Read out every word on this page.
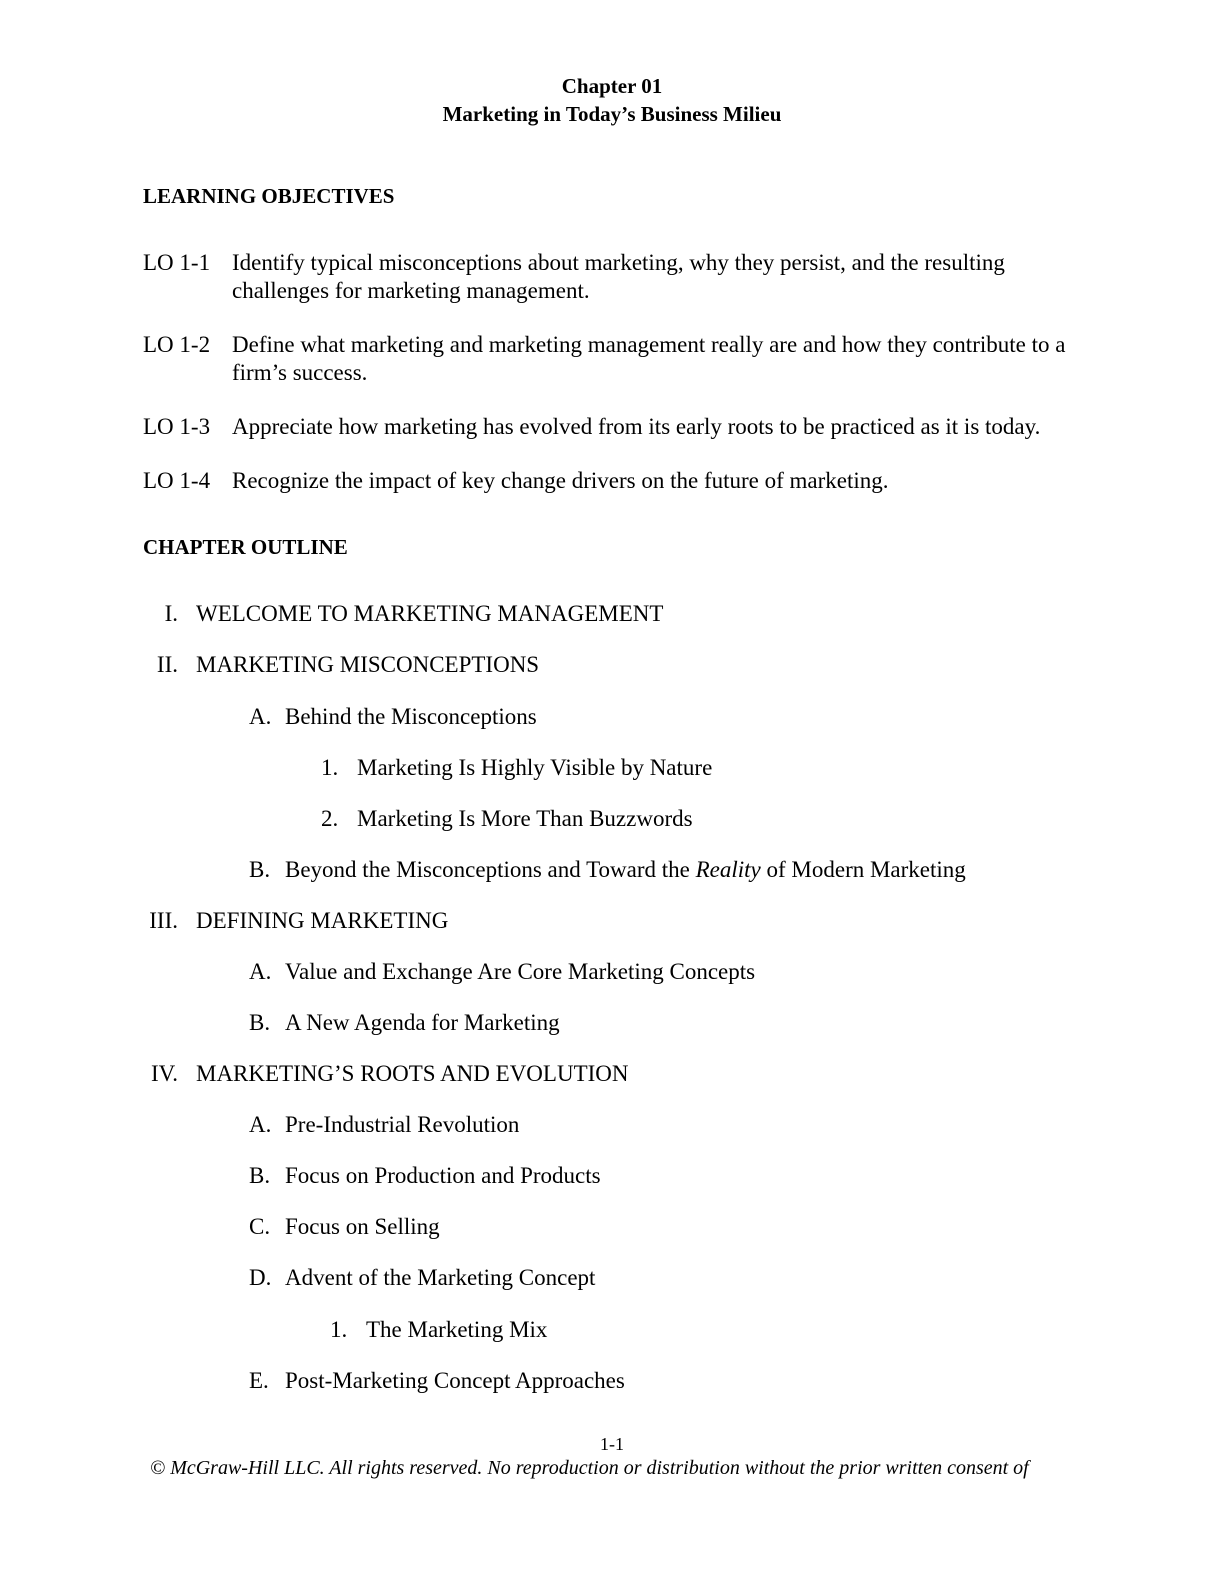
Chapter 01
Marketing in Today’s Business Milieu
LEARNING OBJECTIVES
LO 1-1 Identify typical misconceptions about marketing, why they persist, and the resulting challenges for marketing management.
LO 1-2 Define what marketing and marketing management really are and how they contribute to a firm’s success.
LO 1-3 Appreciate how marketing has evolved from its early roots to be practiced as it is today.
LO 1-4 Recognize the impact of key change drivers on the future of marketing.
CHAPTER OUTLINE
I. WELCOME TO MARKETING MANAGEMENT
II. MARKETING MISCONCEPTIONS
A. Behind the Misconceptions
1. Marketing Is Highly Visible by Nature
2. Marketing Is More Than Buzzwords
B. Beyond the Misconceptions and Toward the Reality of Modern Marketing
III. DEFINING MARKETING
A. Value and Exchange Are Core Marketing Concepts
B. A New Agenda for Marketing
IV. MARKETING’S ROOTS AND EVOLUTION
A. Pre-Industrial Revolution
B. Focus on Production and Products
C. Focus on Selling
D. Advent of the Marketing Concept
1. The Marketing Mix
E. Post-Marketing Concept Approaches
1-1
© McGraw-Hill LLC. All rights reserved. No reproduction or distribution without the prior written consent of
